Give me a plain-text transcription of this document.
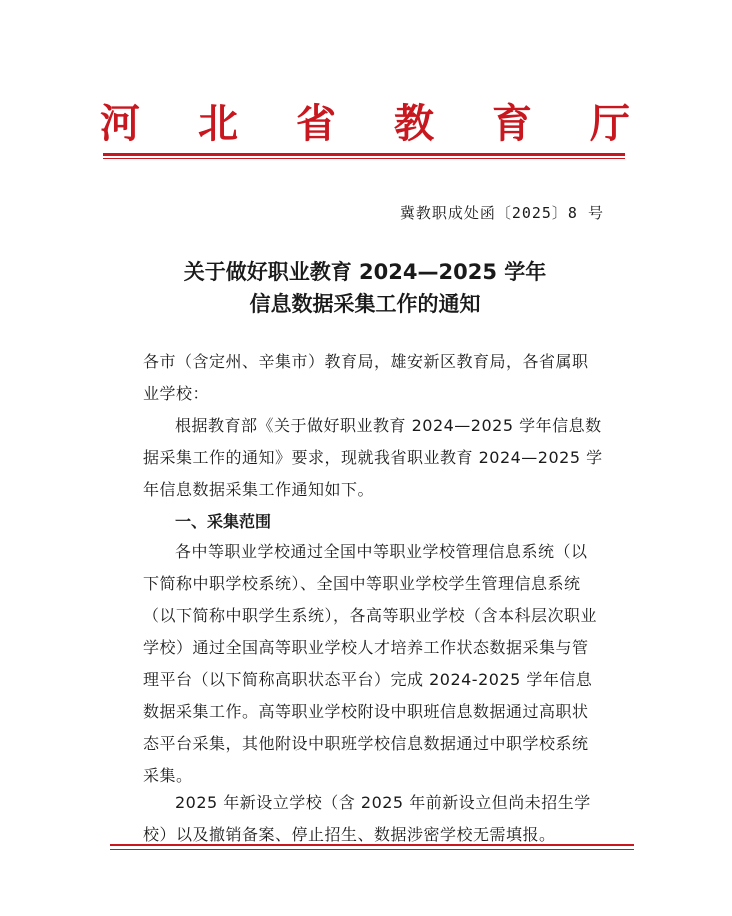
河 北 省 教 育 厅
冀教职成处函〔2025〕8 号
关于做好职业教育 2024—2025 学年
信息数据采集工作的通知
各市（含定州、辛集市）教育局，雄安新区教育局，各省属职业学校：
根据教育部《关于做好职业教育 2024—2025 学年信息数据采集工作的通知》要求，现就我省职业教育 2024—2025 学年信息数据采集工作通知如下。
一、采集范围
各中等职业学校通过全国中等职业学校管理信息系统（以下简称中职学校系统）、全国中等职业学校学生管理信息系统（以下简称中职学生系统），各高等职业学校（含本科层次职业学校）通过全国高等职业学校人才培养工作状态数据采集与管理平台（以下简称高职状态平台）完成 2024-2025 学年信息数据采集工作。高等职业学校附设中职班信息数据通过高职状态平台采集，其他附设中职班学校信息数据通过中职学校系统采集。
2025 年新设立学校（含 2025 年前新设立但尚未招生学校）以及撤销备案、停止招生、数据涉密学校无需填报。
